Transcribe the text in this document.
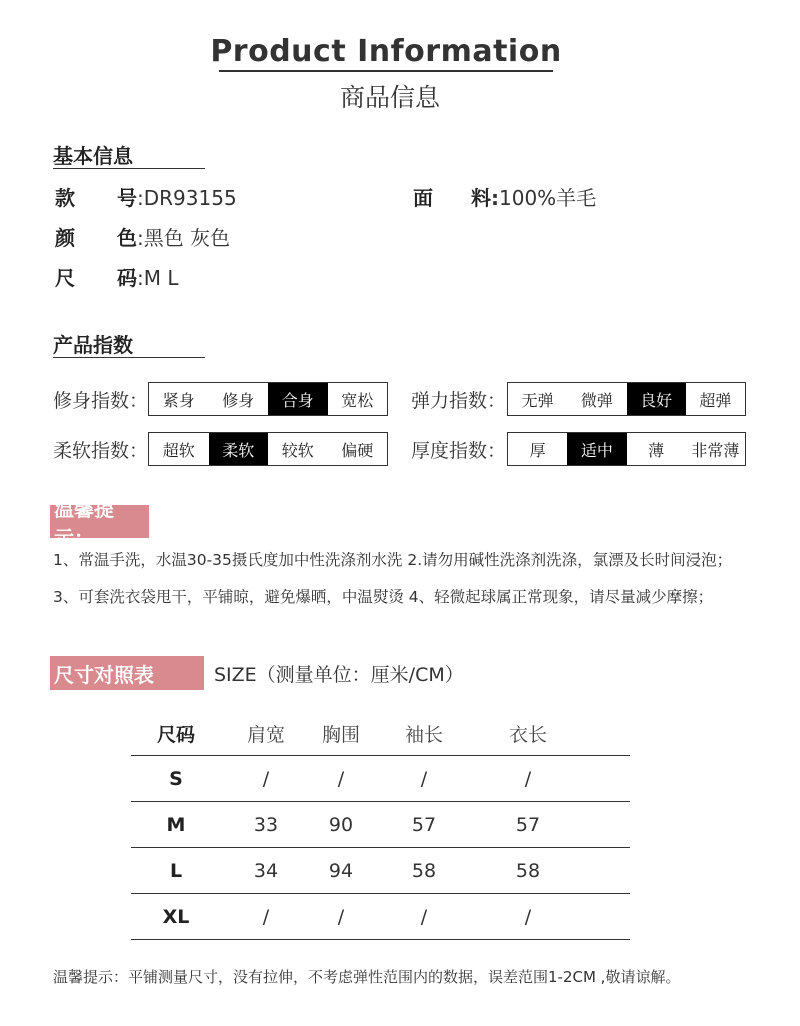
Product Information
商品信息
基本信息
款 号:DR93155	面 料:100%羊毛
颜 色:黑色 灰色
尺 码:M L
产品指数
修身指数： 紧身	修身	合身	宽松	弹力指数： 无弹	微弹	良好	超弹
柔软指数： 超软	柔软	较软	偏硬	厚度指数：	厚	适中	薄	非常薄
温馨提示：
1、常温手洗，水温30-35摄氏度加中性洗涤剂水洗 2.请勿用碱性洗涤剂洗涤，氯漂及长时间浸泡；
3、可套洗衣袋甩干，平铺晾，避免爆晒，中温熨烫 4、轻微起球属正常现象，请尽量减少摩擦；
尺寸对照表	SIZE（测量单位：厘米/CM）
尺码	肩宽	胸围	袖长	衣长
S	/	/	/	/
M	33	90	57	57
L	34	94	58	58
XL	/	/	/	/
温馨提示：平铺测量尺寸，没有拉伸，不考虑弹性范围内的数据，误差范围1-2CM ,敬请谅解。
